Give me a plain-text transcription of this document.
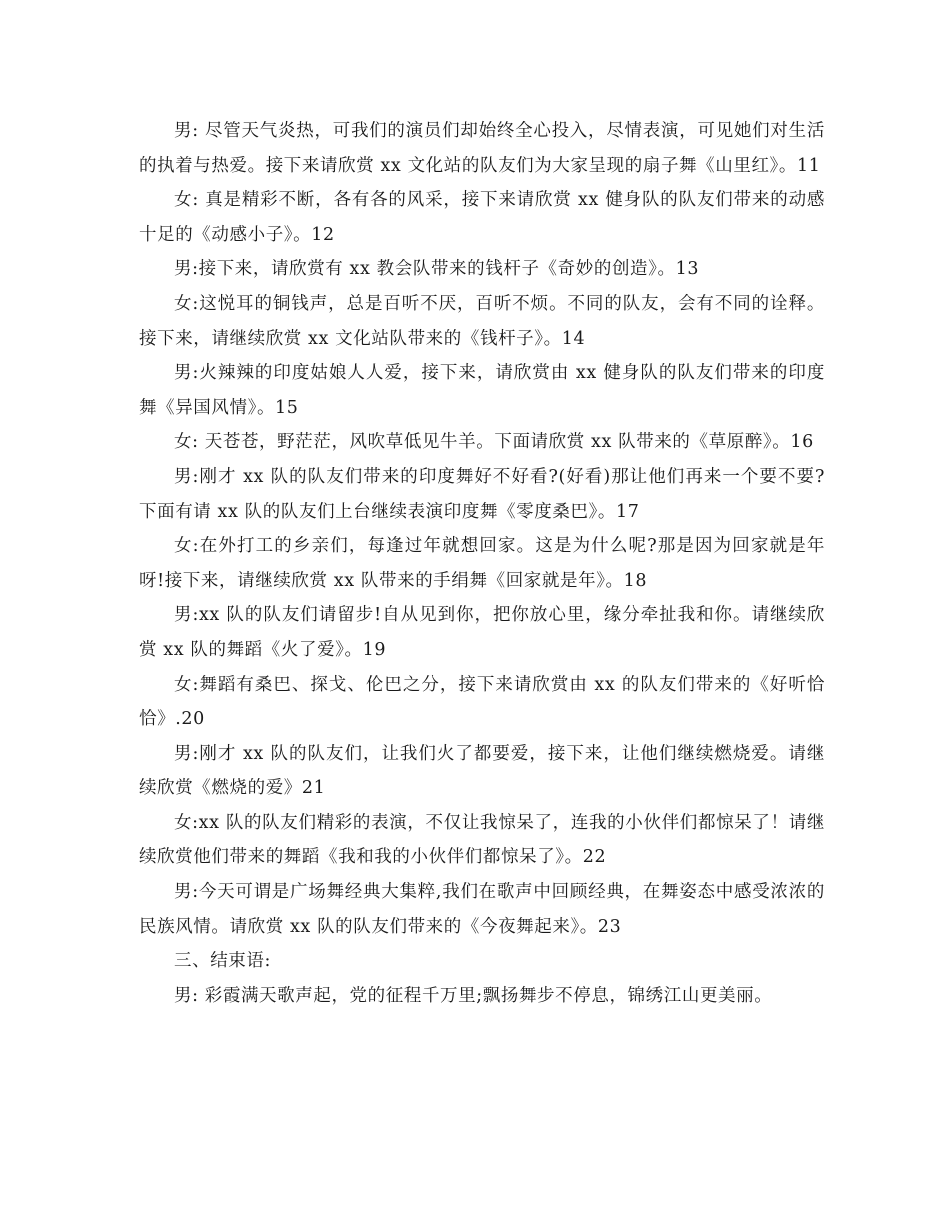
男: 尽管天气炎热，可我们的演员们却始终全心投入，尽情表演，可见她们对生活的执着与热爱。接下来请欣赏 xx 文化站的队友们为大家呈现的扇子舞《山里红》。11

女: 真是精彩不断，各有各的风采，接下来请欣赏 xx 健身队的队友们带来的动感十足的《动感小子》。12

男:接下来，请欣赏有 xx 教会队带来的钱杆子《奇妙的创造》。13

女:这悦耳的铜钱声，总是百听不厌，百听不烦。不同的队友，会有不同的诠释。接下来，请继续欣赏 xx 文化站队带来的《钱杆子》。14

男:火辣辣的印度姑娘人人爱，接下来，请欣赏由 xx 健身队的队友们带来的印度舞《异国风情》。15

女: 天苍苍，野茫茫，风吹草低见牛羊。下面请欣赏 xx 队带来的《草原醉》。16

男:刚才 xx 队的队友们带来的印度舞好不好看?(好看)那让他们再来一个要不要?下面有请 xx 队的队友们上台继续表演印度舞《零度桑巴》。17

女:在外打工的乡亲们，每逢过年就想回家。这是为什么呢?那是因为回家就是年呀!接下来，请继续欣赏 xx 队带来的手绢舞《回家就是年》。18

男:xx 队的队友们请留步!自从见到你，把你放心里，缘分牵扯我和你。请继续欣赏 xx 队的舞蹈《火了爱》。19

女:舞蹈有桑巴、探戈、伦巴之分，接下来请欣赏由 xx 的队友们带来的《好听恰恰》.20

男:刚才 xx 队的队友们，让我们火了都要爱，接下来，让他们继续燃烧爱。请继续欣赏《燃烧的爱》21

女:xx 队的队友们精彩的表演，不仅让我惊呆了，连我的小伙伴们都惊呆了！请继续欣赏他们带来的舞蹈《我和我的小伙伴们都惊呆了》。22

男:今天可谓是广场舞经典大集粹,我们在歌声中回顾经典，在舞姿态中感受浓浓的民族风情。请欣赏 xx 队的队友们带来的《今夜舞起来》。23

三、结束语:

男: 彩霞满天歌声起，党的征程千万里;飘扬舞步不停息，锦绣江山更美丽。
